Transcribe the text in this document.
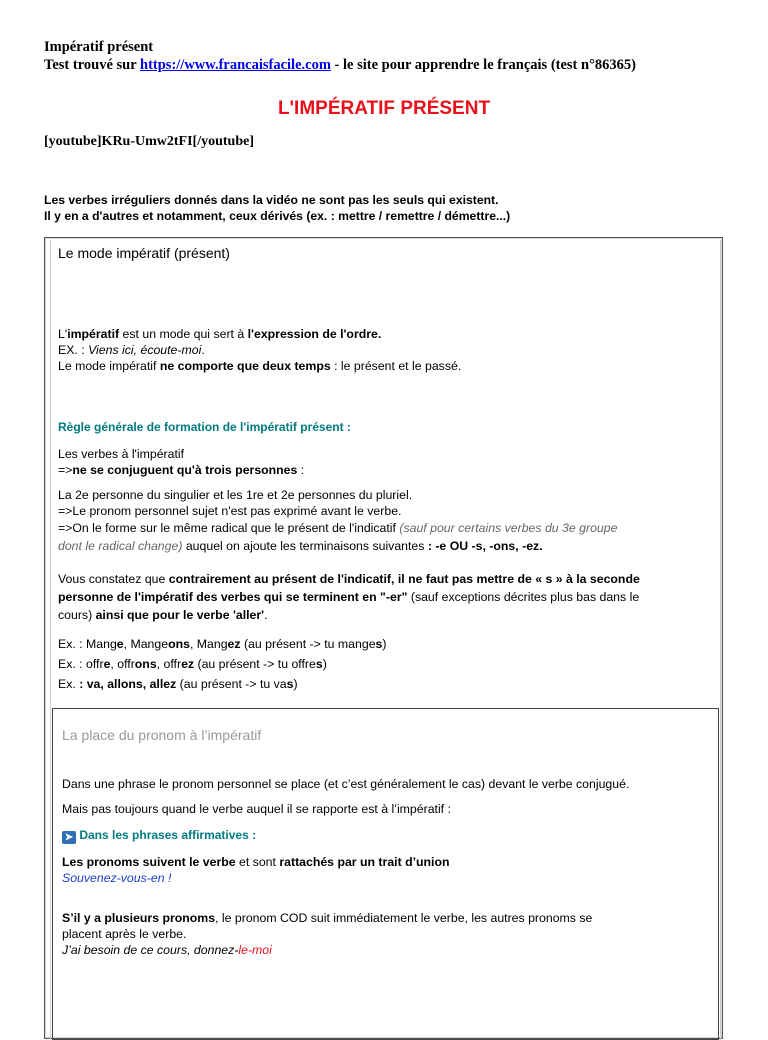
Impératif présent
Test trouvé sur https://www.francaisfacile.com - le site pour apprendre le français (test n°86365)
L'IMPÉRATIF PRÉSENT
[youtube]KRu-Umw2tFI[/youtube]
Les verbes irréguliers donnés dans la vidéo ne sont pas les seuls qui existent.
Il y en a d'autres et notamment, ceux dérivés (ex. : mettre / remettre / démettre...)
Le mode impératif (présent)
L'impératif est un mode qui sert à l'expression de l'ordre.
EX. : Viens ici, écoute-moi.
Le mode impératif ne comporte que deux temps : le présent et le passé.
Règle générale de formation de l'impératif présent :
Les verbes à l'impératif
=>ne se conjuguent qu'à trois personnes :
La 2e personne du singulier et les 1re et 2e personnes du pluriel.
=>Le pronom personnel sujet n'est pas exprimé avant le verbe.
=>On le forme sur le même radical que le présent de l'indicatif (sauf pour certains verbes du 3e groupe
dont le radical change) auquel on ajoute les terminaisons suivantes : -e OU -s, -ons, -ez.
Vous constatez que contrairement au présent de l'indicatif, il ne faut pas mettre de « s » à la seconde
personne de l'impératif des verbes qui se terminent en "-er" (sauf exceptions décrites plus bas dans le
cours) ainsi que pour le verbe 'aller'.
Ex. : Mange, Mangeons, Mangez (au présent -> tu manges)
Ex. : offre, offrons, offrez (au présent -> tu offres)
Ex. : va, allons, allez (au présent -> tu vas)
La place du pronom à l’impératif
Dans une phrase le pronom personnel se place (et c’est généralement le cas) devant le verbe conjugué.
Mais pas toujours quand le verbe auquel il se rapporte est à l’impératif :
➤ Dans les phrases affirmatives :
Les pronoms suivent le verbe et sont rattachés par un trait d’union
Souvenez-vous-en !
S’il y a plusieurs pronoms, le pronom COD suit immédiatement le verbe, les autres pronoms se
placent après le verbe.
J’ai besoin de ce cours, donnez-le-moi
